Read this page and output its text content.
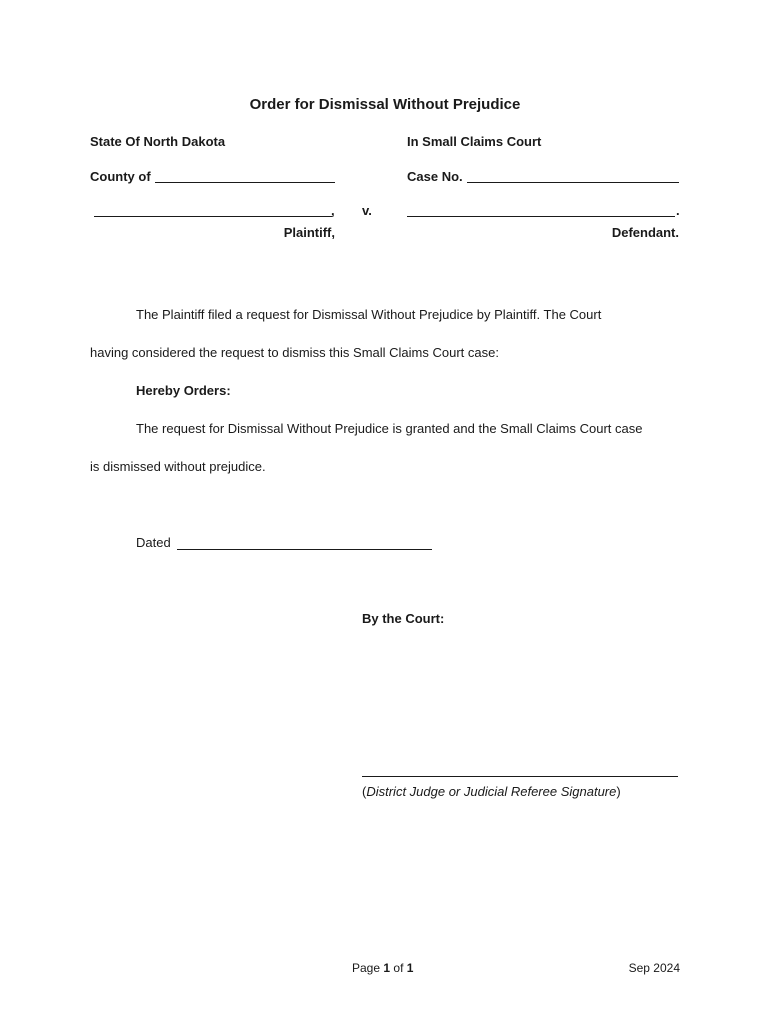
Order for Dismissal Without Prejudice
State Of North Dakota	In Small Claims Court
County of	Case No.
, v.	.
Plaintiff,	Defendant.
The Plaintiff filed a request for Dismissal Without Prejudice by Plaintiff. The Court
having considered the request to dismiss this Small Claims Court case:
Hereby Orders:
The request for Dismissal Without Prejudice is granted and the Small Claims Court case
is dismissed without prejudice.
Dated
By the Court:
(District Judge or Judicial Referee Signature)
Page 1 of 1	Sep 2024
